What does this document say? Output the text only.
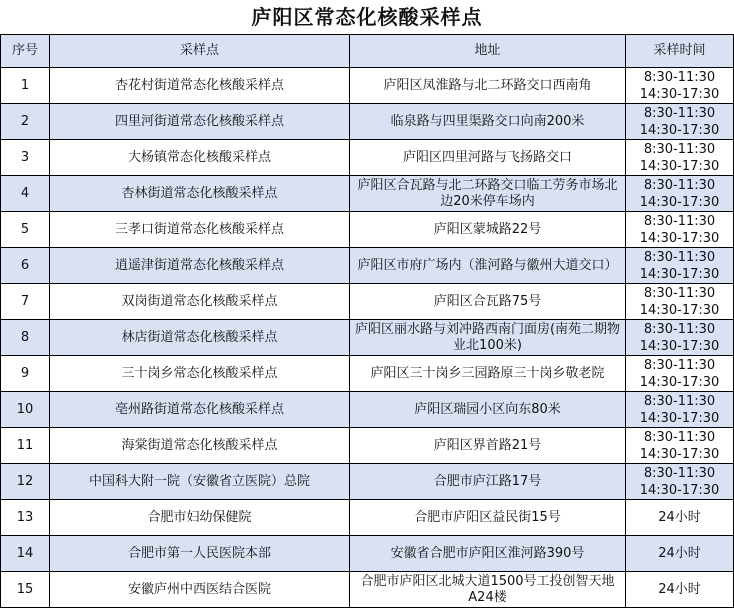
庐阳区常态化核酸采样点
序号	采样点	地址	采样时间
1	杏花村街道常态化核酸采样点	庐阳区凤淮路与北二环路交口西南角	8:30-11:30
14:30-17:30

2	四里河街道常态化核酸采样点	临泉路与四里渠路交口向南200米	8:30-11:30
14:30-17:30

3	大杨镇常态化核酸采样点	庐阳区四里河路与飞扬路交口	8:30-11:30
14:30-17:30

4	杏林街道常态化核酸采样点	庐阳区合瓦路与北二环路交口临工劳务市场北边20米停车场内	8:30-11:30
14:30-17:30

5	三孝口街道常态化核酸采样点	庐阳区蒙城路22号	8:30-11:30
14:30-17:30

6	逍遥津街道常态化核酸采样点	庐阳区市府广场内（淮河路与徽州大道交口）	8:30-11:30
14:30-17:30

7	双岗街道常态化核酸采样点	庐阳区合瓦路75号	8:30-11:30
14:30-17:30

8	林店街道常态化核酸采样点	庐阳区丽水路与刘冲路西南门面房(南苑二期物业北100米)	8:30-11:30
14:30-17:30

9	三十岗乡常态化核酸采样点	庐阳区三十岗乡三园路原三十岗乡敬老院	8:30-11:30
14:30-17:30

10	亳州路街道常态化核酸采样点	庐阳区瑞园小区向东80米	8:30-11:30
14:30-17:30

11	海棠街道常态化核酸采样点	庐阳区界首路21号	8:30-11:30
14:30-17:30

12	中国科大附一院（安徽省立医院）总院	合肥市庐江路17号	8:30-11:30
14:30-17:30

13	合肥市妇幼保健院	合肥市庐阳区益民街15号	24小时

14	合肥市第一人民医院本部	安徽省合肥市庐阳区淮河路390号	24小时

15	安徽庐州中西医结合医院	合肥市庐阳区北城大道1500号工投创智天地A24楼	24小时
